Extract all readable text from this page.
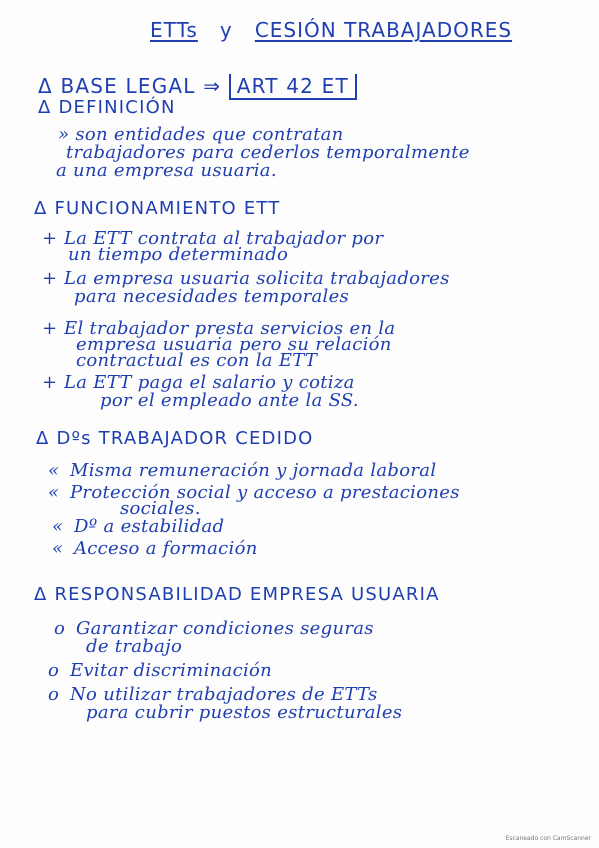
ETTs y CESIÓN TRABAJADORES
Δ BASE LEGAL ⇒ ART 42 ET
Δ DEFINICIÓN
» son entidades que contratan
trabajadores para cederlos temporalmente
a una empresa usuaria.
Δ FUNCIONAMIENTO ETT
+ La ETT contrata al trabajador por
un tiempo determinado
+ La empresa usuaria solicita trabajadores
para necesidades temporales
+ El trabajador presta servicios en la
empresa usuaria pero su relación
contractual es con la ETT
+ La ETT paga el salario y cotiza
por el empleado ante la SS.
Δ Dºs TRABAJADOR CEDIDO
« Misma remuneración y jornada laboral
« Protección social y acceso a prestaciones
sociales.
« Dº a estabilidad
« Acceso a formación
Δ RESPONSABILIDAD EMPRESA USUARIA
o Garantizar condiciones seguras
de trabajo
o Evitar discriminación
o No utilizar trabajadores de ETTs
para cubrir puestos estructurales
Escaneado con CamScanner
